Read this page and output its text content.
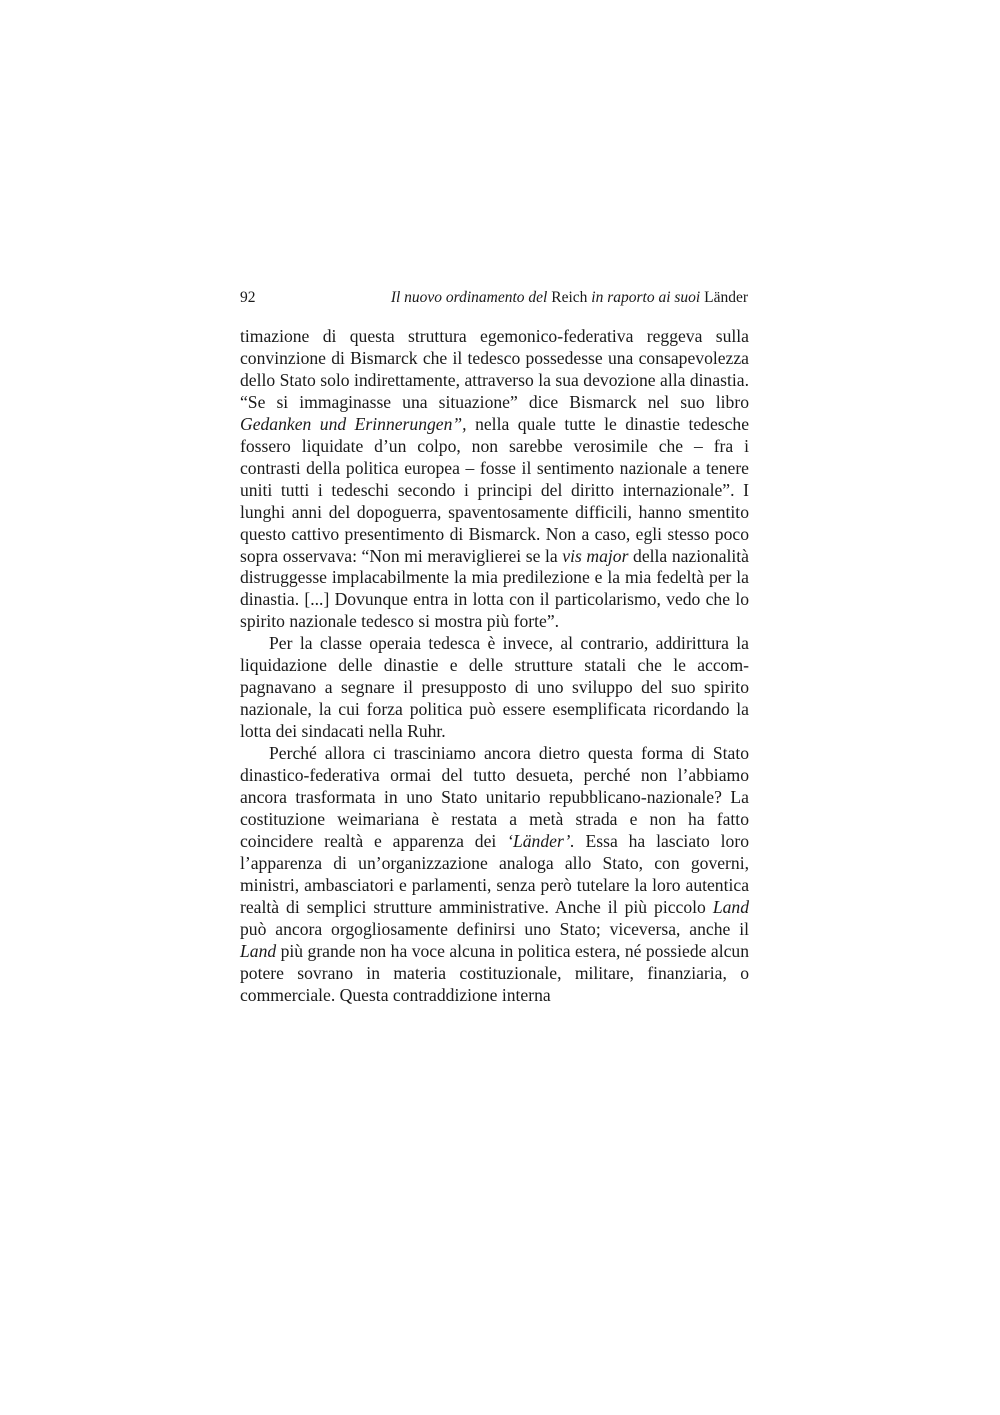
92	Il nuovo ordinamento del Reich in raporto ai suoi Länder

timazione di questa struttura egemonico-federativa reggeva sulla convinzione di Bismarck che il tedesco possedesse una consapevolezza dello Stato solo indirettamente, attraverso la sua devozione alla dinastia. “Se si immaginasse una situazione” dice Bismarck nel suo libro Gedanken und Erinnerungen”, nella quale tutte le dinastie tedesche fossero liquidate d’un colpo, non sarebbe verosimile che – fra i contrasti della politica europea – fosse il sentimento nazionale a tenere uniti tutti i tedeschi secondo i principi del diritto internazionale”. I lunghi anni del dopoguerra, spaventosamente difficili, hanno smentito questo cattivo presentimento di Bismarck. Non a caso, egli stesso poco sopra osservava: “Non mi meraviglierei se la vis major della nazionalità distruggesse implacabilmente la mia predilezione e la mia fedeltà per la dinastia. [...] Dovunque entra in lotta con il particolarismo, vedo che lo spirito nazionale tedesco si mostra più forte”.

Per la classe operaia tedesca è invece, al contrario, addirittura la liquidazione delle dinastie e delle strutture statali che le accompagnavano a segnare il presupposto di uno sviluppo del suo spirito nazionale, la cui forza politica può essere esemplificata ricordando la lotta dei sindacati nella Ruhr.

Perché allora ci trasciniamo ancora dietro questa forma di Stato dinastico-federativa ormai del tutto desueta, perché non l’abbiamo ancora trasformata in uno Stato unitario repubblicano-nazionale? La costituzione weimariana è restata a metà strada e non ha fatto coincidere realtà e apparenza dei ‘Länder’. Essa ha lasciato loro l’apparenza di un’organizzazione analoga allo Stato, con governi, ministri, ambasciatori e parlamenti, senza però tutelare la loro autentica realtà di semplici strutture amministrative. Anche il più piccolo Land può ancora orgogliosamente definirsi uno Stato; viceversa, anche il Land più grande non ha voce alcuna in politica estera, né possiede alcun potere sovrano in materia costituzionale, militare, finanziaria, o commerciale. Questa contraddizione interna
